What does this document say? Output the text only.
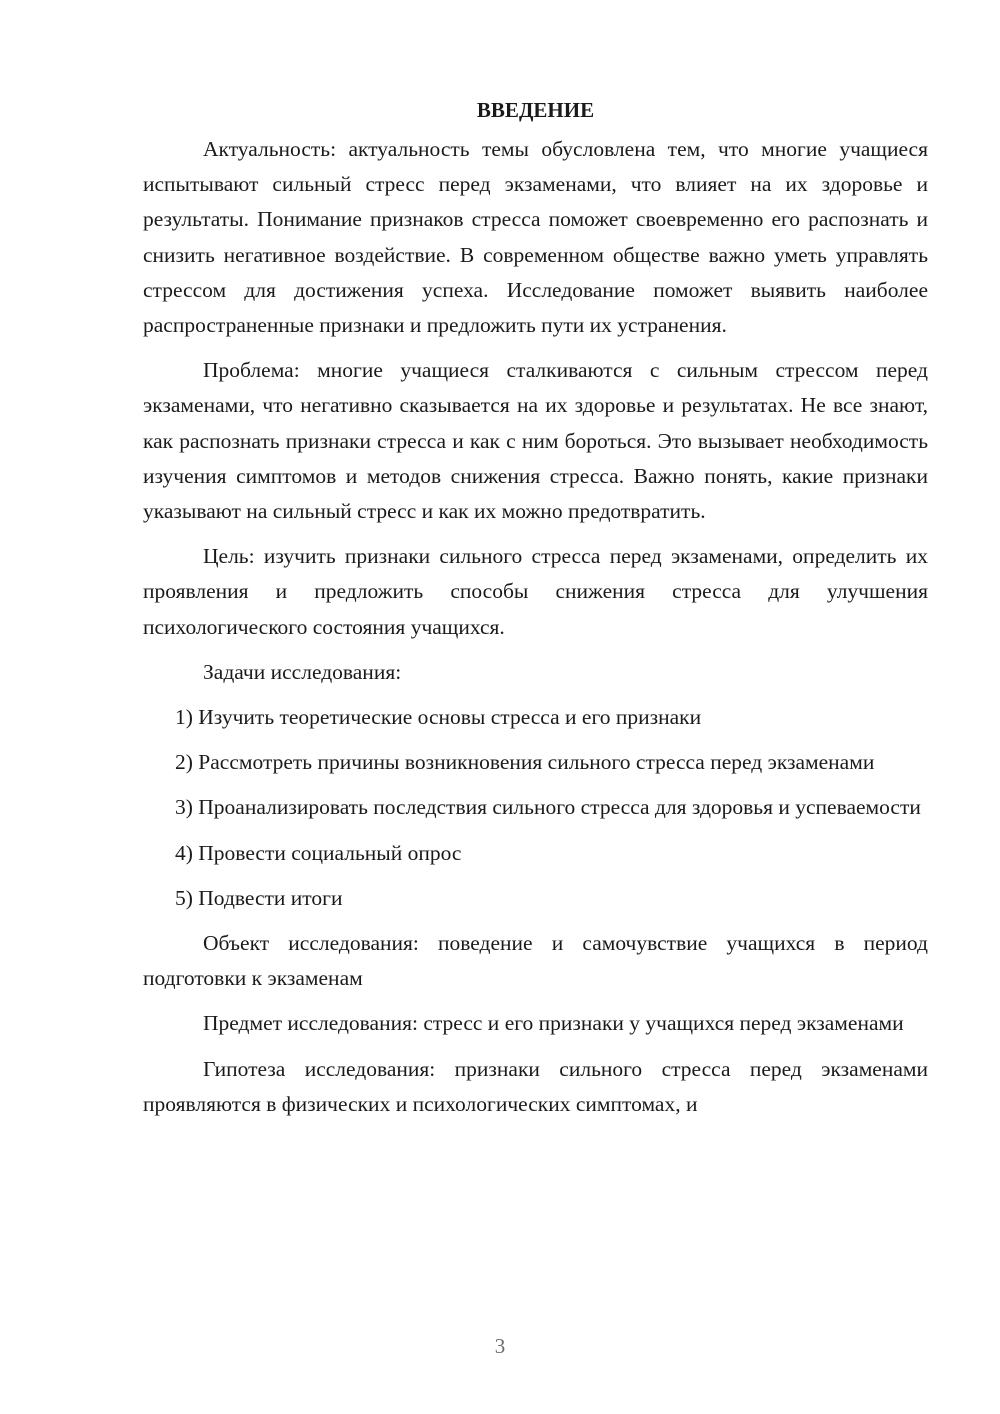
ВВЕДЕНИЕ

Актуальность: актуальность темы обусловлена тем, что многие учащиеся испытывают сильный стресс перед экзаменами, что влияет на их здоровье и результаты. Понимание признаков стресса поможет своевременно его распознать и снизить негативное воздействие. В современном обществе важно уметь управлять стрессом для достижения успеха. Исследование поможет выявить наиболее распространенные признаки и предложить пути их устранения.

Проблема: многие учащиеся сталкиваются с сильным стрессом перед экзаменами, что негативно сказывается на их здоровье и результатах. Не все знают, как распознать признаки стресса и как с ним бороться. Это вызывает необходимость изучения симптомов и методов снижения стресса. Важно понять, какие признаки указывают на сильный стресс и как их можно предотвратить.

Цель: изучить признаки сильного стресса перед экзаменами, определить их проявления и предложить способы снижения стресса для улучшения психологического состояния учащихся.

Задачи исследования:

1) Изучить теоретические основы стресса и его признаки

2) Рассмотреть причины возникновения сильного стресса перед экзаменами

3) Проанализировать последствия сильного стресса для здоровья и успеваемости

4) Провести социальный опрос

5) Подвести итоги

Объект исследования: поведение и самочувствие учащихся в период подготовки к экзаменам

Предмет исследования: стресс и его признаки у учащихся перед экзаменами

Гипотеза исследования: признаки сильного стресса перед экзаменами проявляются в физических и психологических симптомах, и

3
